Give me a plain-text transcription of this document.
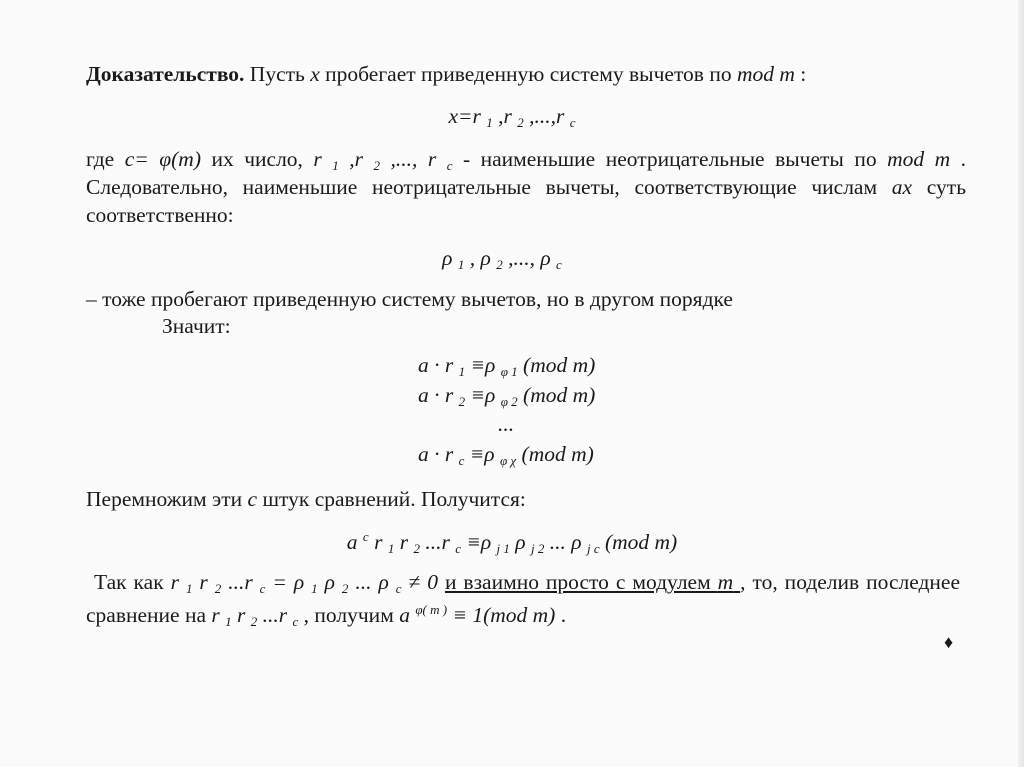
Доказательство. Пусть x пробегает приведенную систему вычетов по mod m :
x=r $_1$ ,r $_2$ ,...,r $_c$
где c= φ(m) их число, r $_1$ ,r $_2$ ,..., r $_c$ - наименьшие неотрицательные вычеты по mod m .
Следовательно, наименьшие неотрицательные вычеты, соответствующие числам ax суть
соответственно:
ρ $_1$ , ρ $_2$ ,..., ρ $_c$
– тоже пробегают приведенную систему вычетов, но в другом порядке
Значит:
a · r $_1$ ≡ρ $_{\varphi 1}$ (mod m)
a · r $_2$ ≡ρ $_{\varphi 2}$ (mod m)
...
a · r $_c$ ≡ρ $_{\varphi \chi}$ (mod m)
Перемножим эти c штук сравнений. Получится:
a $^c$ r $_1$ r $_2$ ...r $_c$ ≡ρ $_{j 1}$ ρ $_{j 2}$ ... ρ $_{j c}$ (mod m)
Так как r $_1$ r $_2$ ...r $_c$ = ρ $_1$ ρ $_2$ ... ρ $_c$ ≠ 0 и взаимно просто с модулем m , то, поделив последнее
сравнение на r $_1$ r $_2$ ...r $_c$ , получим a $^{\varphi( m )}$ ≡ 1(mod m) .
♦
